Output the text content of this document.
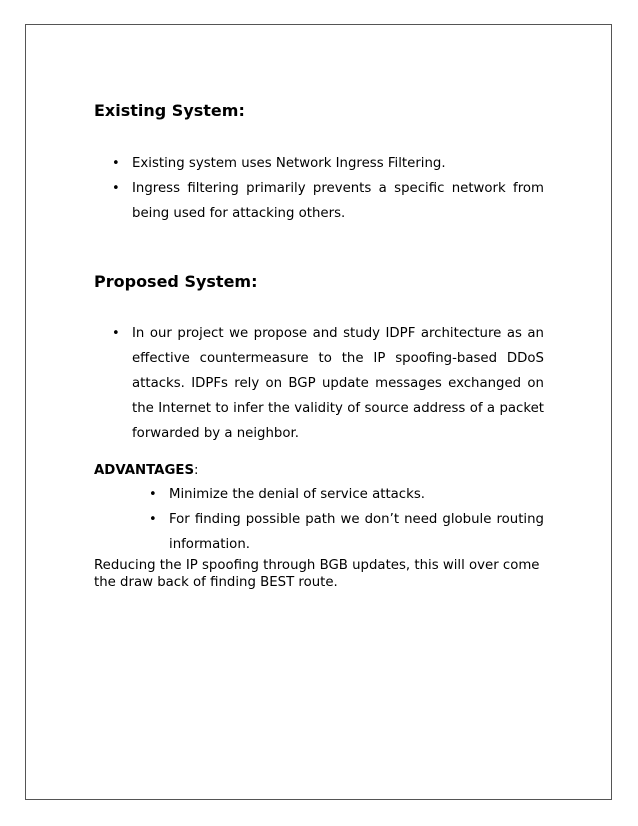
Existing System:
• Existing system uses Network Ingress Filtering.
• Ingress filtering primarily prevents a specific network from being used for attacking others.
Proposed System:
• In our project we propose and study IDPF architecture as an effective countermeasure to the IP spoofing-based DDoS attacks. IDPFs rely on BGP update messages exchanged on the Internet to infer the validity of source address of a packet forwarded by a neighbor.
ADVANTAGES:
• Minimize the denial of service attacks.
• For finding possible path we don’t need globule routing information.

Reducing the IP spoofing through BGB updates, this will over come the draw back of finding BEST route.
